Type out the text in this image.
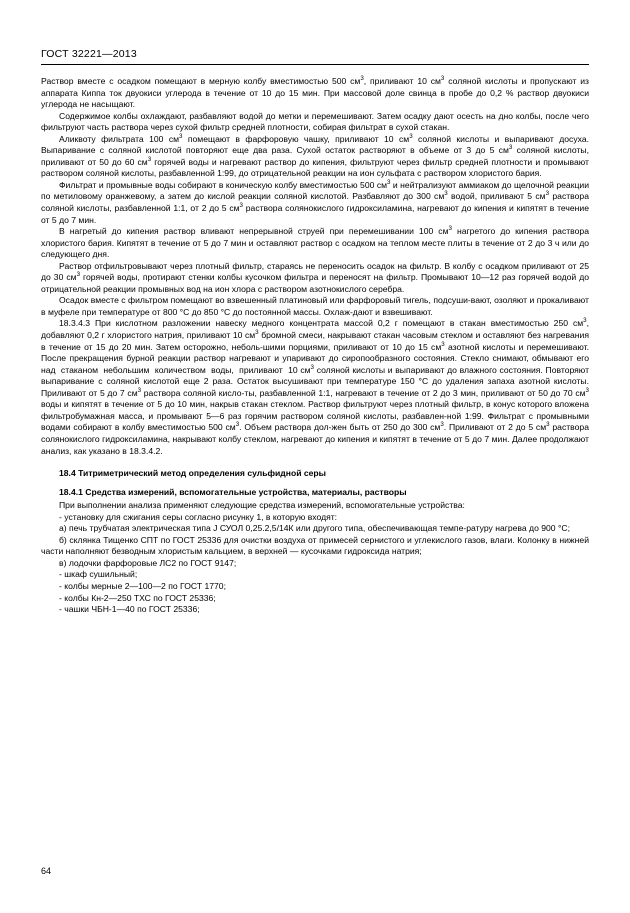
ГОСТ 32221—2013

Раствор вместе с осадком помещают в мерную колбу вместимостью 500 $см^3$, приливают 10 $см^3$ соляной кислоты и пропускают из аппарата Киппа ток двуокиси углерода в течение от 10 до 15 мин. При массовой доле свинца в пробе до 0,2 % раствор двуокиси углерода не насыщают.

Содержимое колбы охлаждают, разбавляют водой до метки и перемешивают. Затем осадку дают осесть на дно колбы, после чего фильтруют часть раствора через сухой фильтр средней плотности, собирая фильтрат в сухой стакан.

Аликвоту фильтрата 100 $см^3$ помещают в фарфоровую чашку, приливают 10 $см^3$ соляной кислоты и выпаривают досуха. Выпаривание с соляной кислотой повторяют еще два раза. Сухой остаток растворяют в объеме от 3 до 5 $см^3$ соляной кислоты, приливают от 50 до 60 $см^3$ горячей воды и нагревают раствор до кипения, фильтруют через фильтр средней плотности и промывают раствором соляной кислоты, разбавленной 1:99, до отрицательной реакции на ион сульфата с раствором хлористого бария.

Фильтрат и промывные воды собирают в коническую колбу вместимостью 500 $см^3$ и нейтрализуют аммиаком до щелочной реакции по метиловому оранжевому, а затем до кислой реакции соляной кислотой. Разбавляют до 300 $см^3$ водой, приливают 5 $см^3$ раствора соляной кислоты, разбавленной 1:1, от 2 до 5 $см^3$ раствора солянокислого гидроксиламина, нагревают до кипения и кипятят в течение от 5 до 7 мин.

В нагретый до кипения раствор вливают непрерывной струей при перемешивании 100 $см^3$ нагретого до кипения раствора хлористого бария. Кипятят в течение от 5 до 7 мин и оставляют раствор с осадком на теплом месте плиты в течение от 2 до 3 ч или до следующего дня.

Раствор отфильтровывают через плотный фильтр, стараясь не переносить осадок на фильтр. В колбу с осадком приливают от 25 до 30 $см^3$ горячей воды, протирают стенки колбы кусочком фильтра и переносят на фильтр. Промывают 10—12 раз горячей водой до отрицательной реакции промывных вод на ион хлора с раствором азотнокислого серебра.

Осадок вместе с фильтром помещают во взвешенный платиновый или фарфоровый тигель, подсуши-вают, озоляют и прокаливают в муфеле при температуре от 800 °С до 850 °С до постоянной массы. Охлаж-дают и взвешивают.

18.3.4.3 При кислотном разложении навеску медного концентрата массой 0,2 г помещают в стакан вместимостью 250 $см^3$, добавляют 0,2 г хлористого натрия, приливают 10 $см^3$ бромной смеси, накрывают стакан часовым стеклом и оставляют без нагревания в течение от 15 до 20 мин. Затем осторожно, неболь-шими порциями, приливают от 10 до 15 $см^3$ азотной кислоты и перемешивают. После прекращения бурной реакции раствор нагревают и упаривают до сиропообразного состояния. Стекло снимают, обмывают его над  стаканом  небольшим  количеством  воды,  приливают  10 $см^3$ соляной кислоты и выпаривают до влажного состояния. Повторяют выпаривание с соляной кислотой еще 2 раза. Остаток высушивают при температуре 150 °С до удаления запаха азотной кислоты. Приливают от 5 до 7 $см^3$ раствора соляной кисло-ты, разбавленной 1:1, нагревают в течение от 2 до 3 мин, приливают от 50 до 70 $см^3$ воды и кипятят в течение от 5 до 10 мин, накрыв стакан стеклом. Раствор фильтруют через плотный фильтр, в конус которого вложена фильтробумажная масса, и промывают 5—6 раз горячим раствором соляной кислоты, разбавлен-ной 1:99. Фильтрат с промывными водами собирают в колбу вместимостью 500 $см^3$. Объем раствора дол-жен быть от 250 до 300 $см^3$. Приливают от 2 до 5 $см^3$ раствора солянокислого гидроксиламина, накрывают колбу стеклом, нагревают до кипения и кипятят в течение от 5 до 7 мин. Далее продолжают анализ, как указано в 18.3.4.2.

18.4 Титриметрический метод определения сульфидной серы

18.4.1 Средства измерений, вспомогательные устройства, материалы, растворы

При выполнении анализа применяют следующие средства измерений, вспомогательные устройства:

- установку для сжигания серы согласно рисунку 1, в которую входят:

а) печь трубчатая электрическая типа J СУОЛ 0,25.2,5/14К или другого типа, обеспечивающая темпе-ратуру нагрева до 900 °С;

б) склянка Тищенко СПТ по ГОСТ 25336 для очистки воздуха от примесей сернистого и углекислого газов, влаги. Колонку в нижней части наполняют безводным хлористым кальцием, в верхней — кусочками гидроксида натрия;

в) лодочки фарфоровые ЛС2 по ГОСТ 9147;

- шкаф сушильный;

- колбы мерные 2—100—2 по ГОСТ 1770;

- колбы Кн-2—250 ТХС по ГОСТ 25336;

- чашки ЧБН-1—40 по ГОСТ 25336;

64
